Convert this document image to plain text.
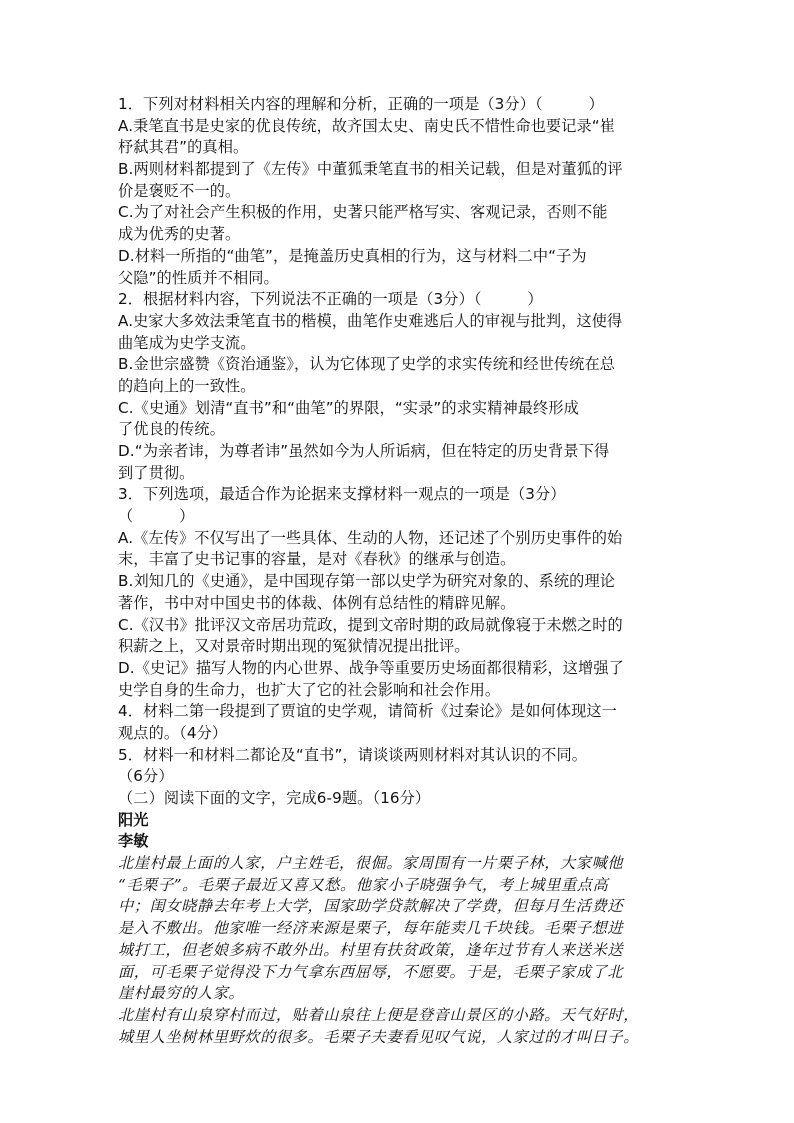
1．下列对材料相关内容的理解和分析，正确的一项是（3分）（　　　）
A.秉笔直书是史家的优良传统，故齐国太史、南史氏不惜性命也要记录“崔
杼弑其君”的真相。
B.两则材料都提到了《左传》中董狐秉笔直书的相关记载，但是对董狐的评
价是褒贬不一的。
C.为了对社会产生积极的作用，史著只能严格写实、客观记录，否则不能
成为优秀的史著。
D.材料一所指的“曲笔”，是掩盖历史真相的行为，这与材料二中“子为
父隐”的性质并不相同。
2．根据材料内容，下列说法不正确的一项是（3分）（　　　）
A.史家大多效法秉笔直书的楷模，曲笔作史难逃后人的审视与批判，这使得
曲笔成为史学支流。
B.金世宗盛赞《资治通鉴》，认为它体现了史学的求实传统和经世传统在总
的趋向上的一致性。
C.《史通》划清“直书”和“曲笔”的界限，“实录”的求实精神最终形成
了优良的传统。
D.“为亲者讳，为尊者讳”虽然如今为人所诟病，但在特定的历史背景下得
到了贯彻。
3．下列选项，最适合作为论据来支撑材料一观点的一项是（3分）
（　　　）
A.《左传》不仅写出了一些具体、生动的人物，还记述了个别历史事件的始
末，丰富了史书记事的容量，是对《春秋》的继承与创造。
B.刘知几的《史通》，是中国现存第一部以史学为研究对象的、系统的理论
著作，书中对中国史书的体裁、体例有总结性的精辟见解。
C.《汉书》批评汉文帝居功荒政，提到文帝时期的政局就像寝于未燃之时的
积薪之上，又对景帝时期出现的冤狱情况提出批评。
D.《史记》描写人物的内心世界、战争等重要历史场面都很精彩，这增强了
史学自身的生命力，也扩大了它的社会影响和社会作用。
4．材料二第一段提到了贾谊的史学观，请简析《过秦论》是如何体现这一
观点的。（4分）
5．材料一和材料二都论及“直书”，请谈谈两则材料对其认识的不同。
（6分）
（二）阅读下面的文字，完成6-9题。（16分）
阳光
李敏
北崖村最上面的人家，户主姓毛，很倔。家周围有一片栗子林，大家喊他
“毛栗子”。毛栗子最近又喜又愁。他家小子晓强争气，考上城里重点高
中；闺女晓静去年考上大学，国家助学贷款解决了学费，但每月生活费还
是入不敷出。他家唯一经济来源是栗子，每年能卖几千块钱。毛栗子想进
城打工，但老娘多病不敢外出。村里有扶贫政策，逢年过节有人来送米送
面，可毛栗子觉得没下力气拿东西屈辱，不愿要。于是，毛栗子家成了北
崖村最穷的人家。
北崖村有山泉穿村而过，贴着山泉往上便是登音山景区的小路。天气好时，
城里人坐树林里野炊的很多。毛栗子夫妻看见叹气说，人家过的才叫日子。
